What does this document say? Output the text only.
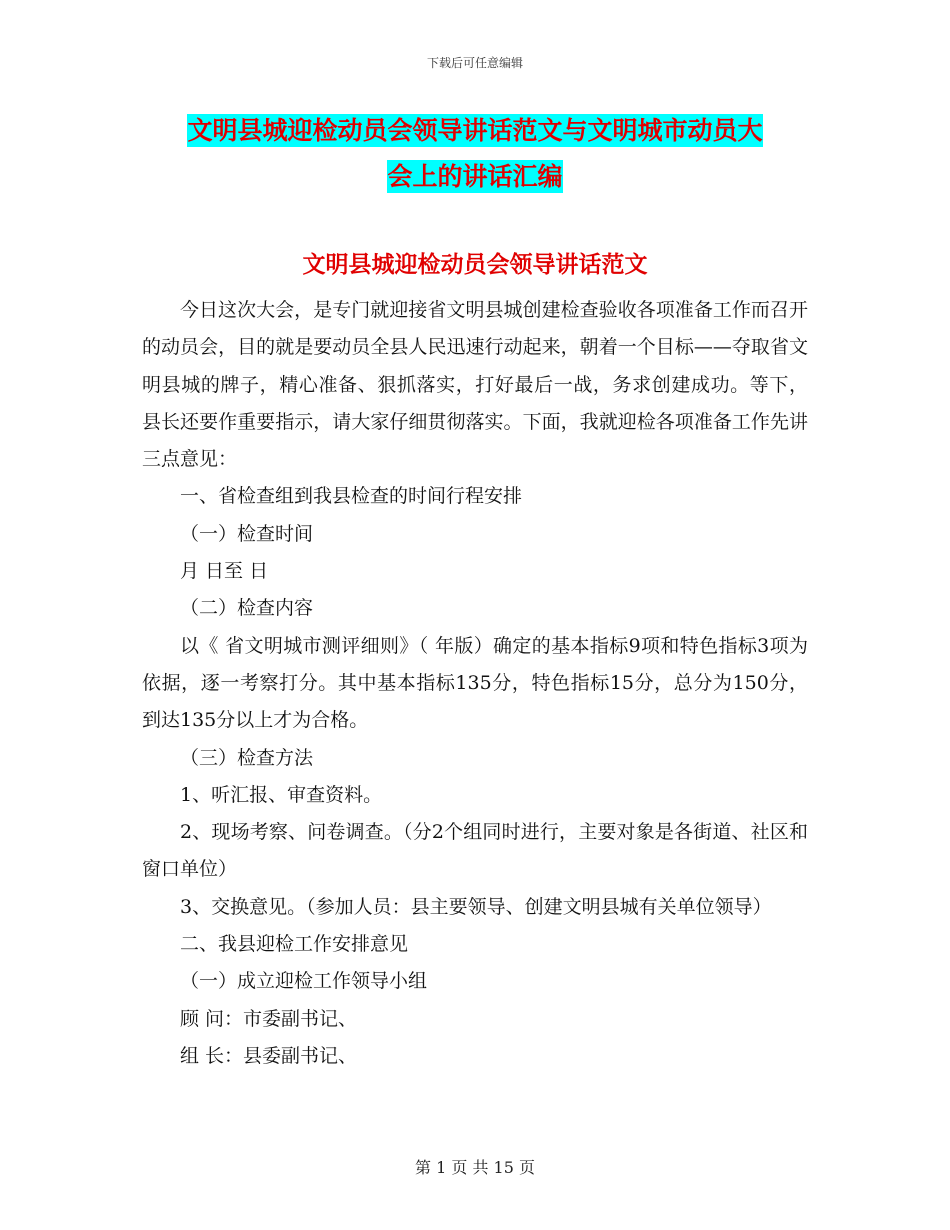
下载后可任意编辑
文明县城迎检动员会领导讲话范文与文明城市动员大
会上的讲话汇编
文明县城迎检动员会领导讲话范文

今日这次大会，是专门就迎接省文明县城创建检查验收各项准备工作而召开的动员会，目的就是要动员全县人民迅速行动起来，朝着一个目标——夺取省文明县城的牌子，精心准备、狠抓落实，打好最后一战，务求创建成功。等下， 县长还要作重要指示，请大家仔细贯彻落实。下面，我就迎检各项准备工作先讲三点意见：

一、省检查组到我县检查的时间行程安排

（一）检查时间

月 日至 日

（二）检查内容

以《 省文明城市测评细则》（ 年版）确定的基本指标9项和特色指标3项为依据，逐一考察打分。其中基本指标135分，特色指标15分，总分为150分，到达135分以上才为合格。

（三）检查方法

1、听汇报、审查资料。

2、现场考察、问卷调查。（分2个组同时进行，主要对象是各街道、社区和窗口单位）

3、交换意见。（参加人员：县主要领导、创建文明县城有关单位领导）

二、我县迎检工作安排意见

（一）成立迎检工作领导小组

顾 问：市委副书记、

组 长：县委副书记、

第 1 页 共 15 页
